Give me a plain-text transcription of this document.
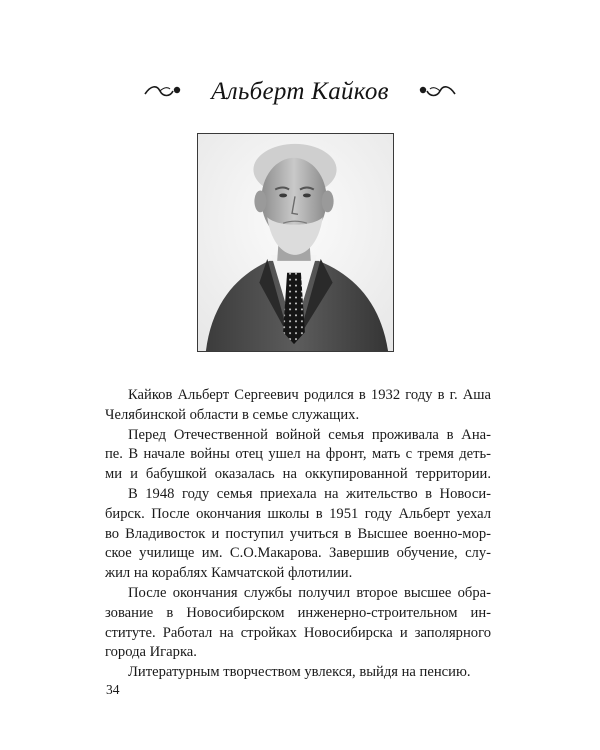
Альберт Кайков
Кайков Альберт Сергеевич родился в 1932 году в г. Аша
Челябинской области в семье служащих.
Перед Отечественной войной семья проживала в Ана-
пе. В начале войны отец ушел на фронт, мать с тремя деть-
ми и бабушкой оказалась на оккупированной территории.
В 1948 году семья приехала на жительство в Новоси-
бирск. После окончания школы в 1951 году Альберт уехал
во Владивосток и поступил учиться в Высшее военно-мор-
ское училище им. С.О.Макарова. Завершив обучение, слу-
жил на кораблях Камчатской флотилии.
После окончания службы получил второе высшее обра-
зование в Новосибирском инженерно-строительном ин-
ституте. Работал на стройках Новосибирска и заполярного
города Игарка.
Литературным творчеством увлекся, выйдя на пенсию.
34
